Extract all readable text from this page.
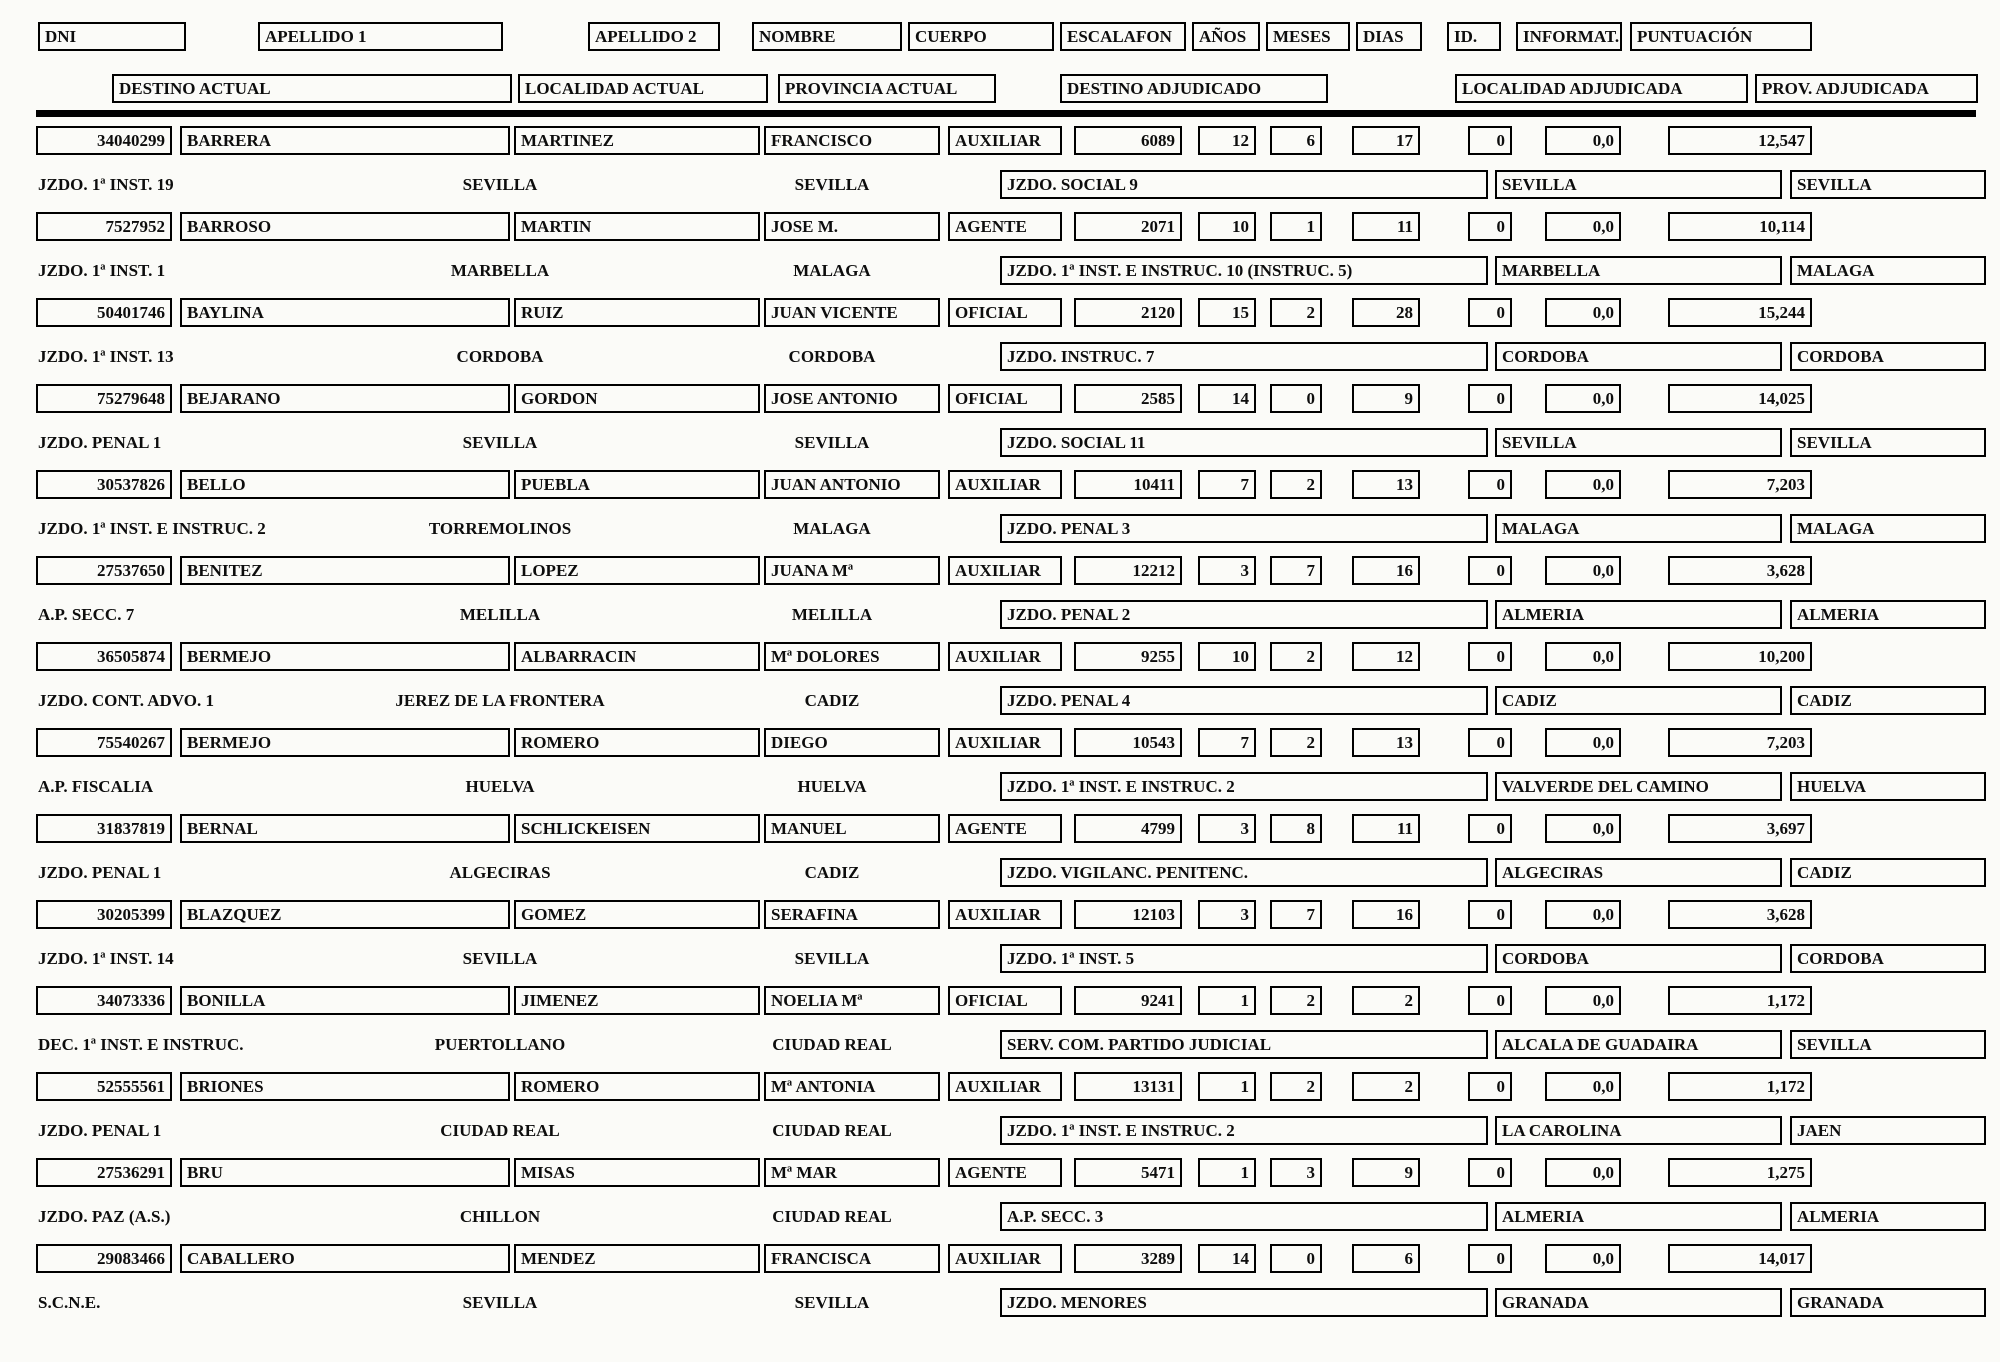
DNI	APELLIDO 1	APELLIDO 2	NOMBRE	CUERPO	ESCALAFON	AÑOS	MESES	DIAS	ID.	INFORMAT.	PUNTUACIÓN
DESTINO ACTUAL	LOCALIDAD ACTUAL	PROVINCIA ACTUAL	DESTINO ADJUDICADO	LOCALIDAD ADJUDICADA	PROV. ADJUDICADA
34040299	BARRERA	MARTINEZ	FRANCISCO	AUXILIAR	6089	12	6	17	0	0,0	12,547
JZDO. 1ª INST. 19	SEVILLA	SEVILLA	JZDO. SOCIAL 9	SEVILLA	SEVILLA
7527952	BARROSO	MARTIN	JOSE M.	AGENTE	2071	10	1	11	0	0,0	10,114
JZDO. 1ª INST. 1	MARBELLA	MALAGA	JZDO. 1ª INST. E INSTRUC. 10 (INSTRUC. 5)	MARBELLA	MALAGA
50401746	BAYLINA	RUIZ	JUAN VICENTE	OFICIAL	2120	15	2	28	0	0,0	15,244
JZDO. 1ª INST. 13	CORDOBA	CORDOBA	JZDO. INSTRUC. 7	CORDOBA	CORDOBA
75279648	BEJARANO	GORDON	JOSE ANTONIO	OFICIAL	2585	14	0	9	0	0,0	14,025
JZDO. PENAL 1	SEVILLA	SEVILLA	JZDO. SOCIAL 11	SEVILLA	SEVILLA
30537826	BELLO	PUEBLA	JUAN ANTONIO	AUXILIAR	10411	7	2	13	0	0,0	7,203
JZDO. 1ª INST. E INSTRUC. 2	TORREMOLINOS	MALAGA	JZDO. PENAL 3	MALAGA	MALAGA
27537650	BENITEZ	LOPEZ	JUANA Mª	AUXILIAR	12212	3	7	16	0	0,0	3,628
A.P. SECC. 7	MELILLA	MELILLA	JZDO. PENAL 2	ALMERIA	ALMERIA
36505874	BERMEJO	ALBARRACIN	Mª DOLORES	AUXILIAR	9255	10	2	12	0	0,0	10,200
JZDO. CONT. ADVO. 1	JEREZ DE LA FRONTERA	CADIZ	JZDO. PENAL 4	CADIZ	CADIZ
75540267	BERMEJO	ROMERO	DIEGO	AUXILIAR	10543	7	2	13	0	0,0	7,203
A.P. FISCALIA	HUELVA	HUELVA	JZDO. 1ª INST. E INSTRUC. 2	VALVERDE DEL CAMINO	HUELVA
31837819	BERNAL	SCHLICKEISEN	MANUEL	AGENTE	4799	3	8	11	0	0,0	3,697
JZDO. PENAL 1	ALGECIRAS	CADIZ	JZDO. VIGILANC. PENITENC.	ALGECIRAS	CADIZ
30205399	BLAZQUEZ	GOMEZ	SERAFINA	AUXILIAR	12103	3	7	16	0	0,0	3,628
JZDO. 1ª INST. 14	SEVILLA	SEVILLA	JZDO. 1ª INST. 5	CORDOBA	CORDOBA
34073336	BONILLA	JIMENEZ	NOELIA Mª	OFICIAL	9241	1	2	2	0	0,0	1,172
DEC. 1ª INST. E INSTRUC.	PUERTOLLANO	CIUDAD REAL	SERV. COM. PARTIDO JUDICIAL	ALCALA DE GUADAIRA	SEVILLA
52555561	BRIONES	ROMERO	Mª ANTONIA	AUXILIAR	13131	1	2	2	0	0,0	1,172
JZDO. PENAL 1	CIUDAD REAL	CIUDAD REAL	JZDO. 1ª INST. E INSTRUC. 2	LA CAROLINA	JAEN
27536291	BRU	MISAS	Mª MAR	AGENTE	5471	1	3	9	0	0,0	1,275
JZDO. PAZ (A.S.)	CHILLON	CIUDAD REAL	A.P. SECC. 3	ALMERIA	ALMERIA
29083466	CABALLERO	MENDEZ	FRANCISCA	AUXILIAR	3289	14	0	6	0	0,0	14,017
S.C.N.E.	SEVILLA	SEVILLA	JZDO. MENORES	GRANADA	GRANADA
